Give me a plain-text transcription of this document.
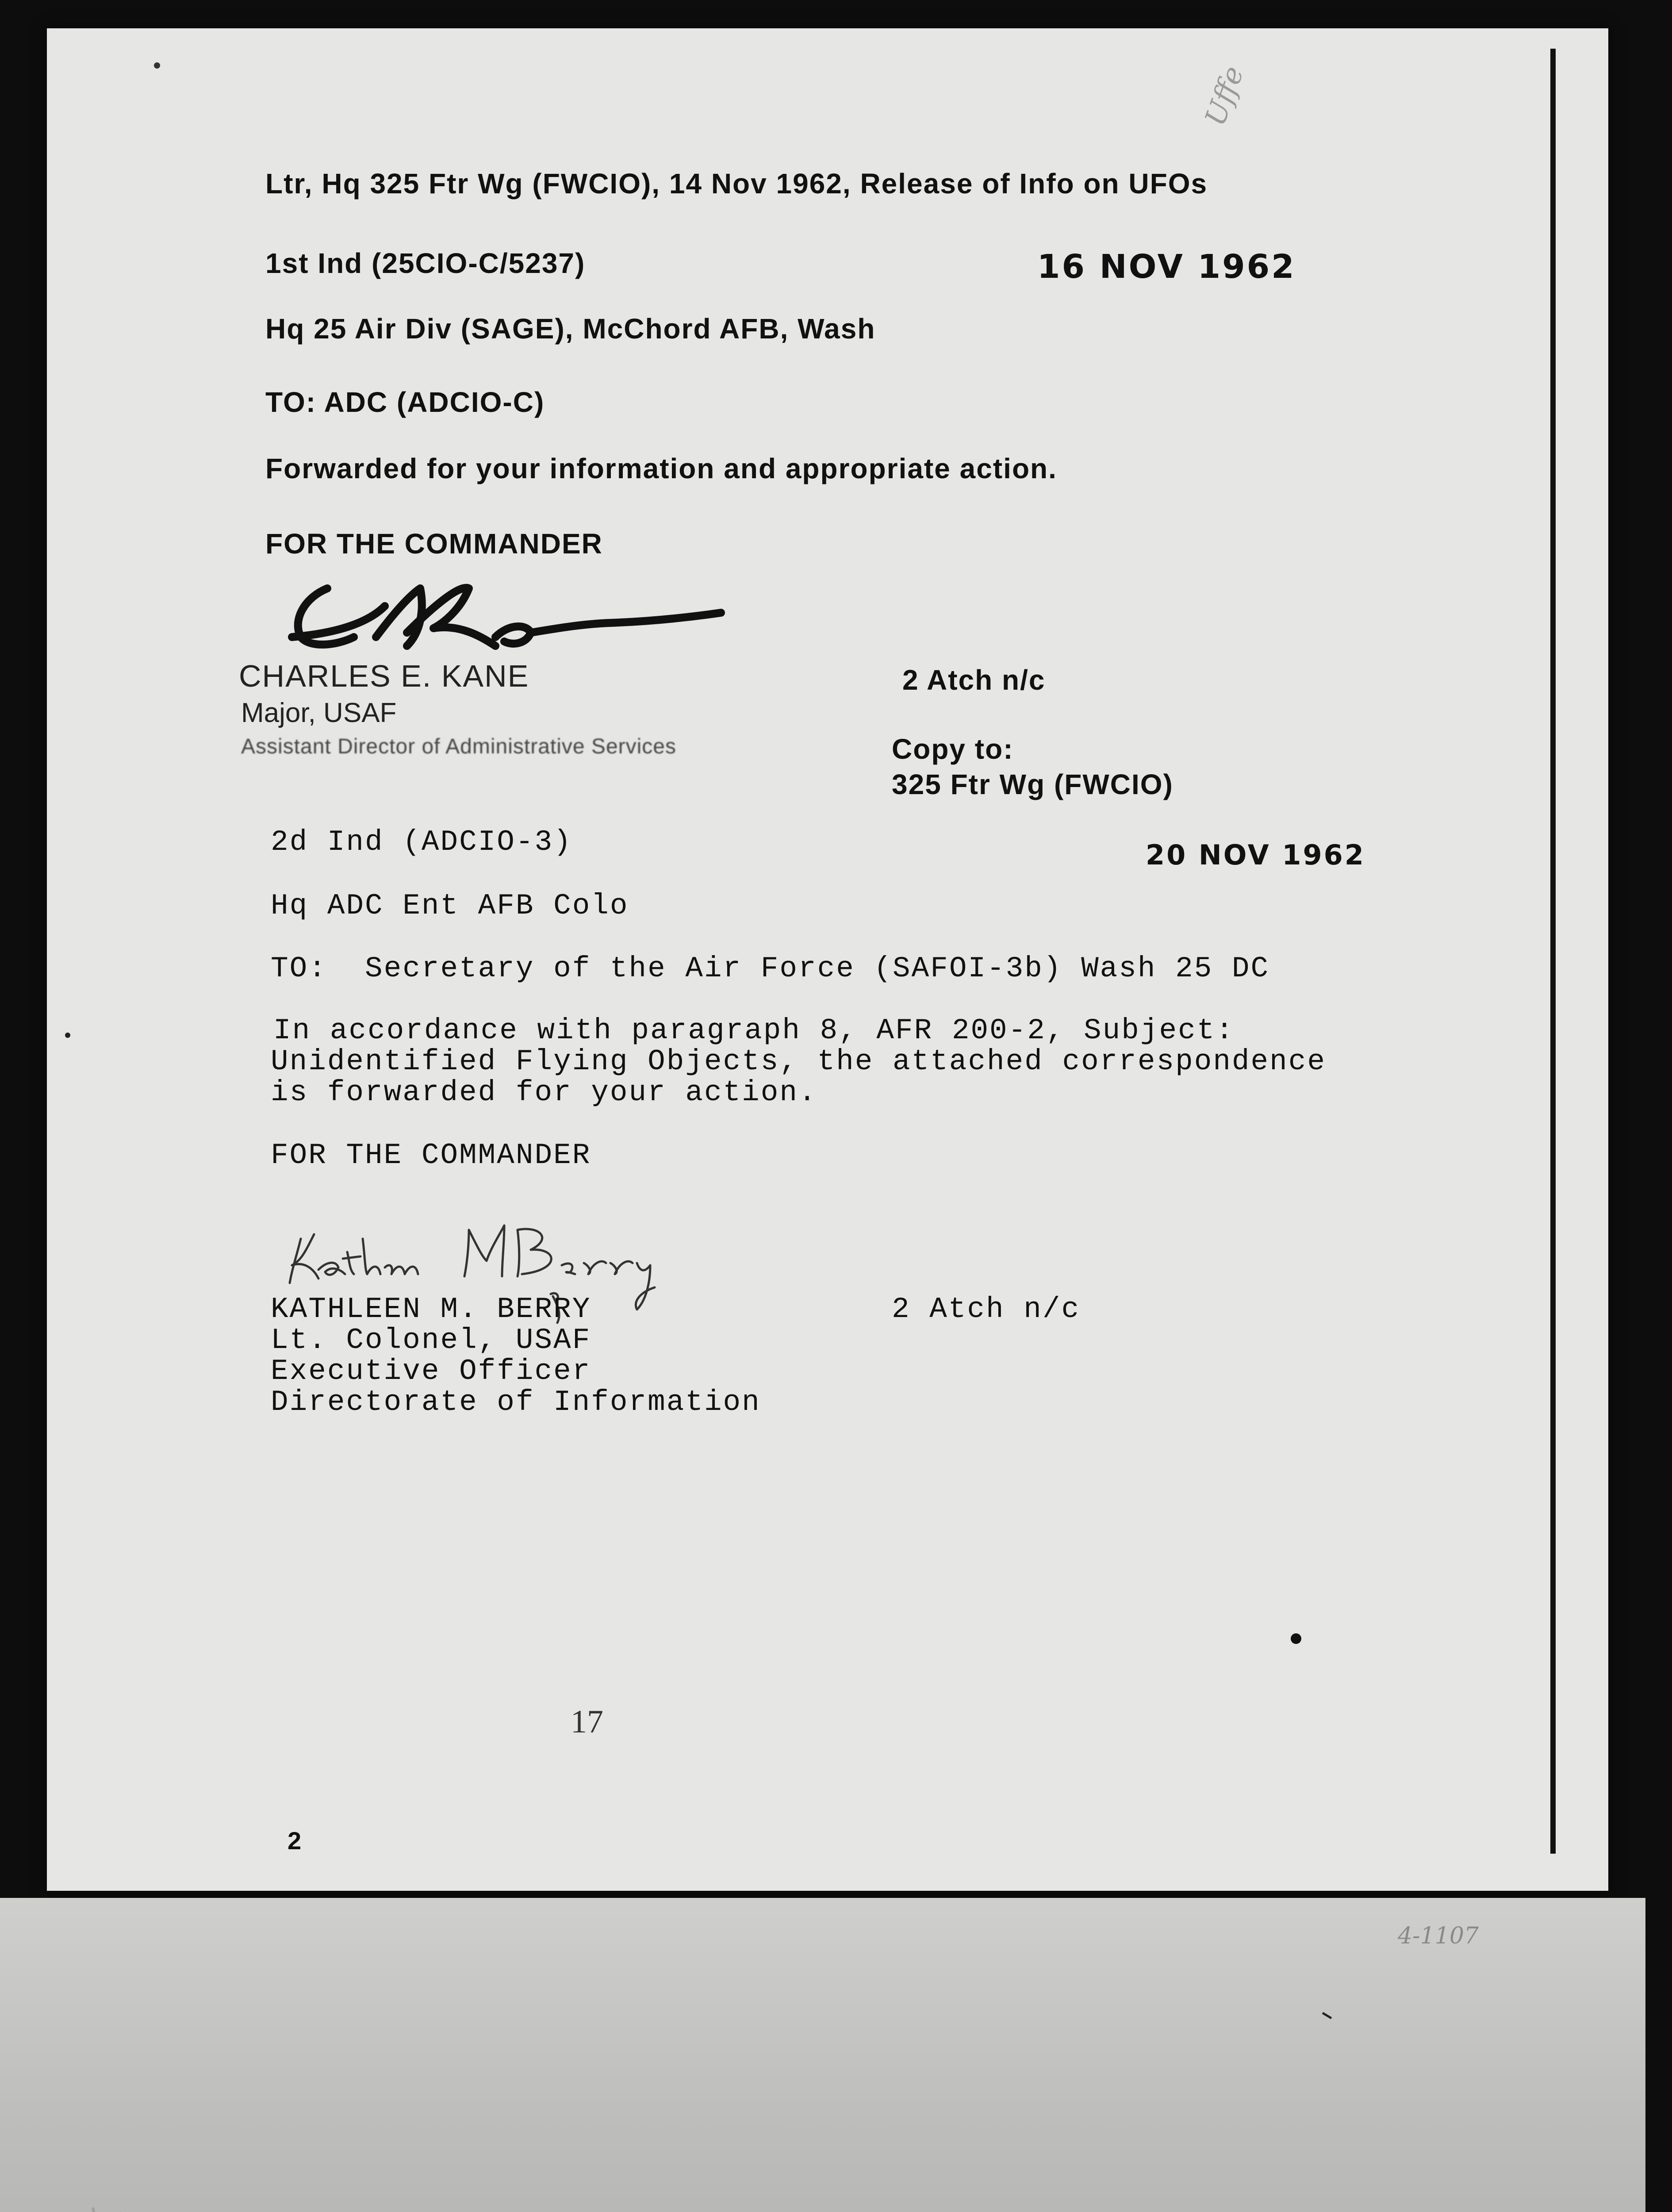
Ltr, Hq 325 Ftr Wg (FWCIO), 14 Nov 1962, Release of Info on UFOs
Uffe
1st Ind (25CIO-C/5237)	16 NOV 1962
Hq 25 Air Div (SAGE), McChord AFB, Wash
TO: ADC (ADCIO-C)
Forwarded for your information and appropriate action.
FOR THE COMMANDER
CHARLES E. KANE
Major, USAF
Assistant Director of Administrative Services
2 Atch n/c
Copy to:
325 Ftr Wg (FWCIO)
2d Ind (ADCIO-3)	20 NOV 1962
Hq ADC Ent AFB Colo
TO:  Secretary of the Air Force (SAFOI-3b) Wash 25 DC
In accordance with paragraph 8, AFR 200-2, Subject:
Unidentified Flying Objects, the attached correspondence
is forwarded for your action.
FOR THE COMMANDER
KATHLEEN M. BERRY
Lt. Colonel, USAF
Executive Officer
Directorate of Information
2 Atch n/c
17
2
4-1107
